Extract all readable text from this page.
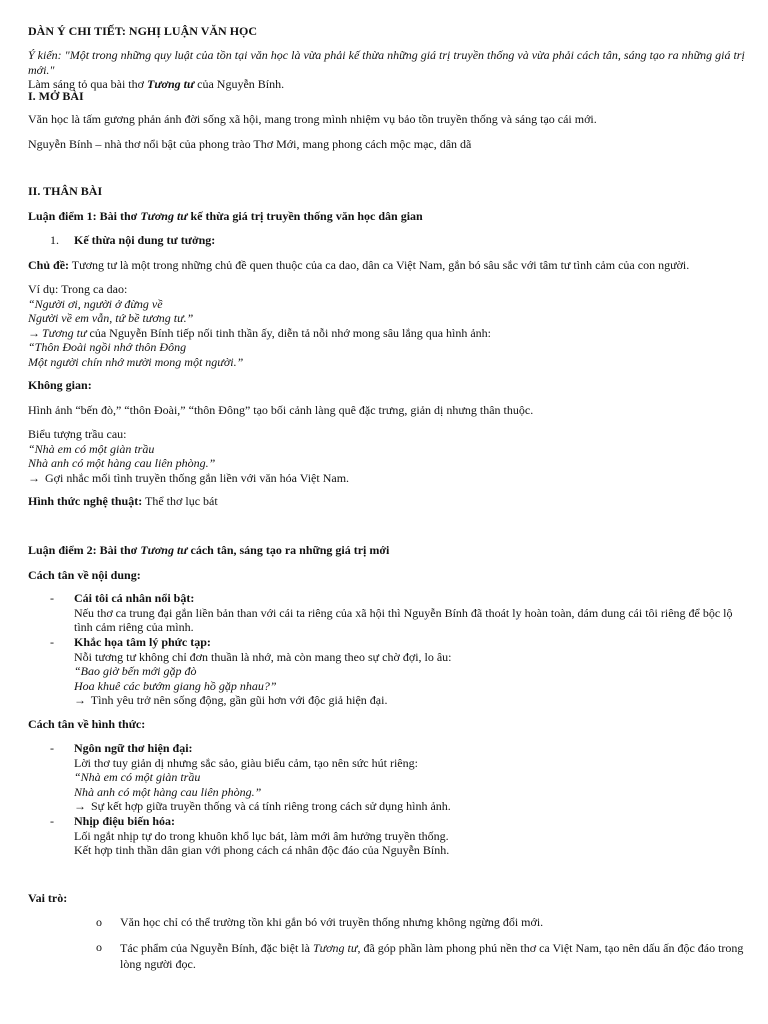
DÀN Ý CHI TIẾT: NGHỊ LUẬN VĂN HỌC

Ý kiến: "Một trong những quy luật của tồn tại văn học là vừa phải kế thừa những giá trị truyền thống và vừa phải cách tân, sáng tạo ra những giá trị mới."

Làm sáng tỏ qua bài thơ Tương tư của Nguyễn Bính.

I. MỞ BÀI

Văn học là tấm gương phản ánh đời sống xã hội, mang trong mình nhiệm vụ bảo tồn truyền thống và sáng tạo cái mới.

Nguyễn Bính – nhà thơ nổi bật của phong trào Thơ Mới, mang phong cách mộc mạc, dân dã

II. THÂN BÀI

Luận điểm 1: Bài thơ Tương tư kế thừa giá trị truyền thống văn học dân gian

1. Kế thừa nội dung tư tưởng:

Chủ đề: Tương tư là một trong những chủ đề quen thuộc của ca dao, dân ca Việt Nam, gắn bó sâu sắc với tâm tư tình cảm của con người.

Ví dụ: Trong ca dao:

“Người ơi, người ở đừng về

Người về em vẫn, tứ bề tương tư.”

→ Tương tư của Nguyễn Bính tiếp nối tinh thần ấy, diễn tả nỗi nhớ mong sâu lắng qua hình ảnh:

“Thôn Đoài ngồi nhớ thôn Đông

Một người chín nhớ mười mong một người.”

Không gian:

Hình ảnh “bến đò,” “thôn Đoài,” “thôn Đông” tạo bối cảnh làng quê đặc trưng, giản dị nhưng thân thuộc.

Biểu tượng trầu cau:

“Nhà em có một giàn trầu

Nhà anh có một hàng cau liên phòng.”

→ Gợi nhắc mối tình truyền thống gắn liền với văn hóa Việt Nam.

Hình thức nghệ thuật: Thể thơ lục bát

Luận điểm 2: Bài thơ Tương tư cách tân, sáng tạo ra những giá trị mới

Cách tân về nội dung:

- Cái tôi cá nhân nổi bật:

Nếu thơ ca trung đại gắn liền bản than với cái ta riêng của xã hội thì Nguyễn Bính đã thoát ly hoàn toàn, dám dung cái tôi riêng để bộc lộ tình cảm riêng của mình.

- Khắc họa tâm lý phức tạp:

Nỗi tương tư không chỉ đơn thuần là nhớ, mà còn mang theo sự chờ đợi, lo âu:

“Bao giờ bến mới gặp đò

Hoa khuê các bướm giang hồ gặp nhau?”

→ Tình yêu trở nên sống động, gần gũi hơn với độc giả hiện đại.

Cách tân về hình thức:

- Ngôn ngữ thơ hiện đại:

Lời thơ tuy giản dị nhưng sắc sảo, giàu biểu cảm, tạo nên sức hút riêng:

“Nhà em có một giàn trầu

Nhà anh có một hàng cau liên phòng.”

→ Sự kết hợp giữa truyền thống và cá tính riêng trong cách sử dụng hình ảnh.

- Nhịp điệu biến hóa:

Lối ngắt nhịp tự do trong khuôn khổ lục bát, làm mới âm hưởng truyền thống.

Kết hợp tinh thần dân gian với phong cách cá nhân độc đáo của Nguyễn Bính.

Vai trò:

o Văn học chỉ có thể trường tồn khi gắn bó với truyền thống nhưng không ngừng đổi mới.

o Tác phẩm của Nguyễn Bính, đặc biệt là Tương tư, đã góp phần làm phong phú nền thơ ca Việt Nam, tạo nên dấu ấn độc đáo trong lòng người đọc.
